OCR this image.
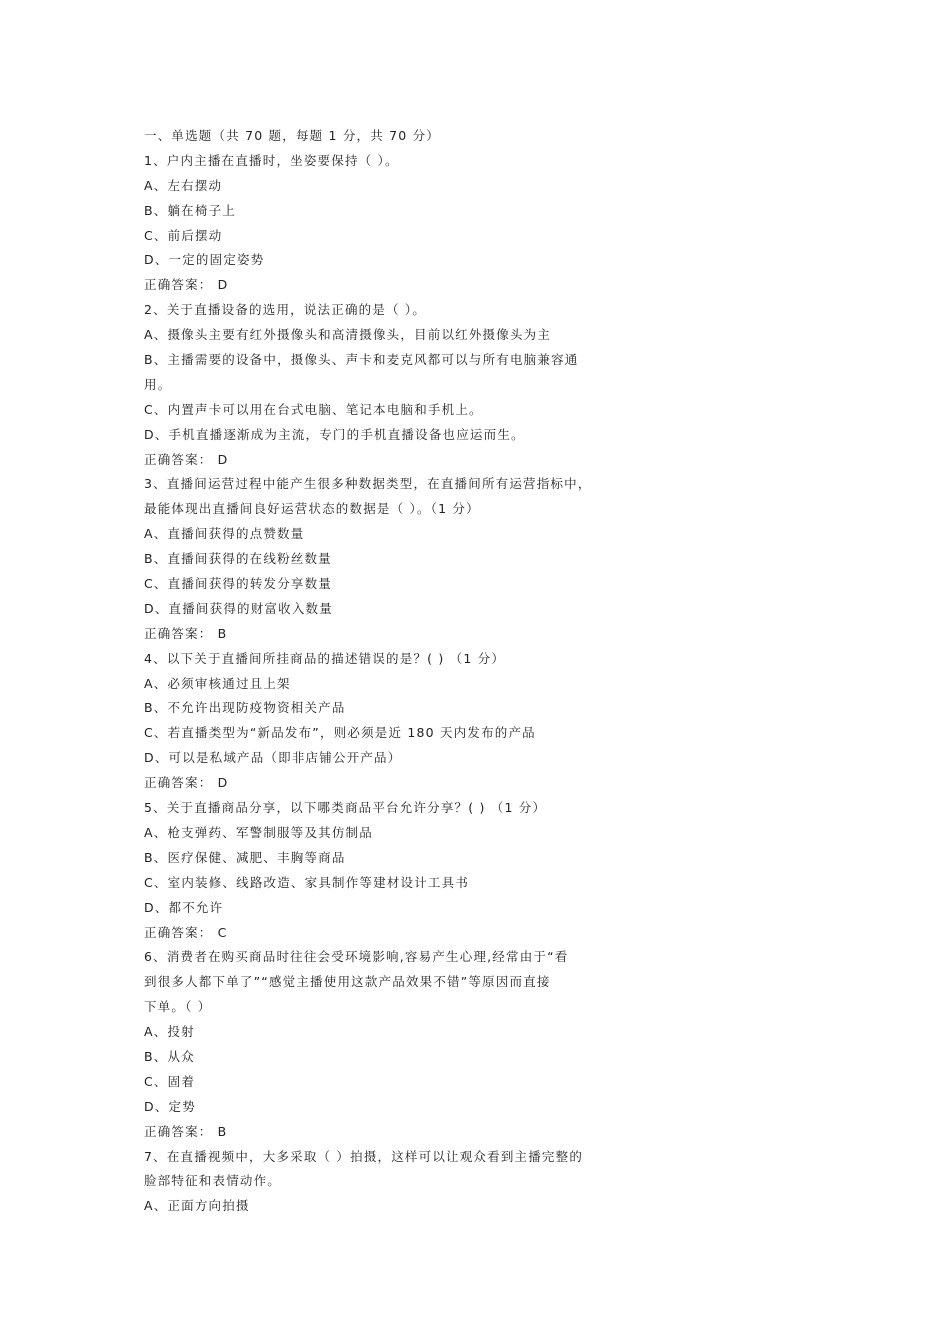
一、单选题（共 70 题，每题 1 分，共 70 分）
1、户内主播在直播时，坐姿要保持（ ）。
A、左右摆动
B、躺在椅子上
C、前后摆动
D、一定的固定姿势
正确答案： D
2、关于直播设备的选用，说法正确的是（ ）。
A、摄像头主要有红外摄像头和高清摄像头，目前以红外摄像头为主
B、主播需要的设备中，摄像头、声卡和麦克风都可以与所有电脑兼容通
用。
C、内置声卡可以用在台式电脑、笔记本电脑和手机上。
D、手机直播逐渐成为主流，专门的手机直播设备也应运而生。
正确答案： D
3、直播间运营过程中能产生很多种数据类型，在直播间所有运营指标中，
最能体现出直播间良好运营状态的数据是（ ）。（1 分）
A、直播间获得的点赞数量
B、直播间获得的在线粉丝数量
C、直播间获得的转发分享数量
D、直播间获得的财富收入数量
正确答案： B
4、以下关于直播间所挂商品的描述错误的是？( ) （1 分）
A、必须审核通过且上架
B、不允许出现防疫物资相关产品
C、若直播类型为“新品发布”，则必须是近 180 天内发布的产品
D、可以是私域产品（即非店铺公开产品）
正确答案： D
5、关于直播商品分享，以下哪类商品平台允许分享？( ) （1 分）
A、枪支弹药、军警制服等及其仿制品
B、医疗保健、减肥、丰胸等商品
C、室内装修、线路改造、家具制作等建材设计工具书
D、都不允许
正确答案： C
6、消费者在购买商品时往往会受环境影响,容易产生心理,经常由于“看
到很多人都下单了”“感觉主播使用这款产品效果不错”等原因而直接
下单。（ ）
A、投射
B、从众
C、固着
D、定势
正确答案： B
7、在直播视频中，大多采取（ ）拍摄，这样可以让观众看到主播完整的
脸部特征和表情动作。
A、正面方向拍摄
